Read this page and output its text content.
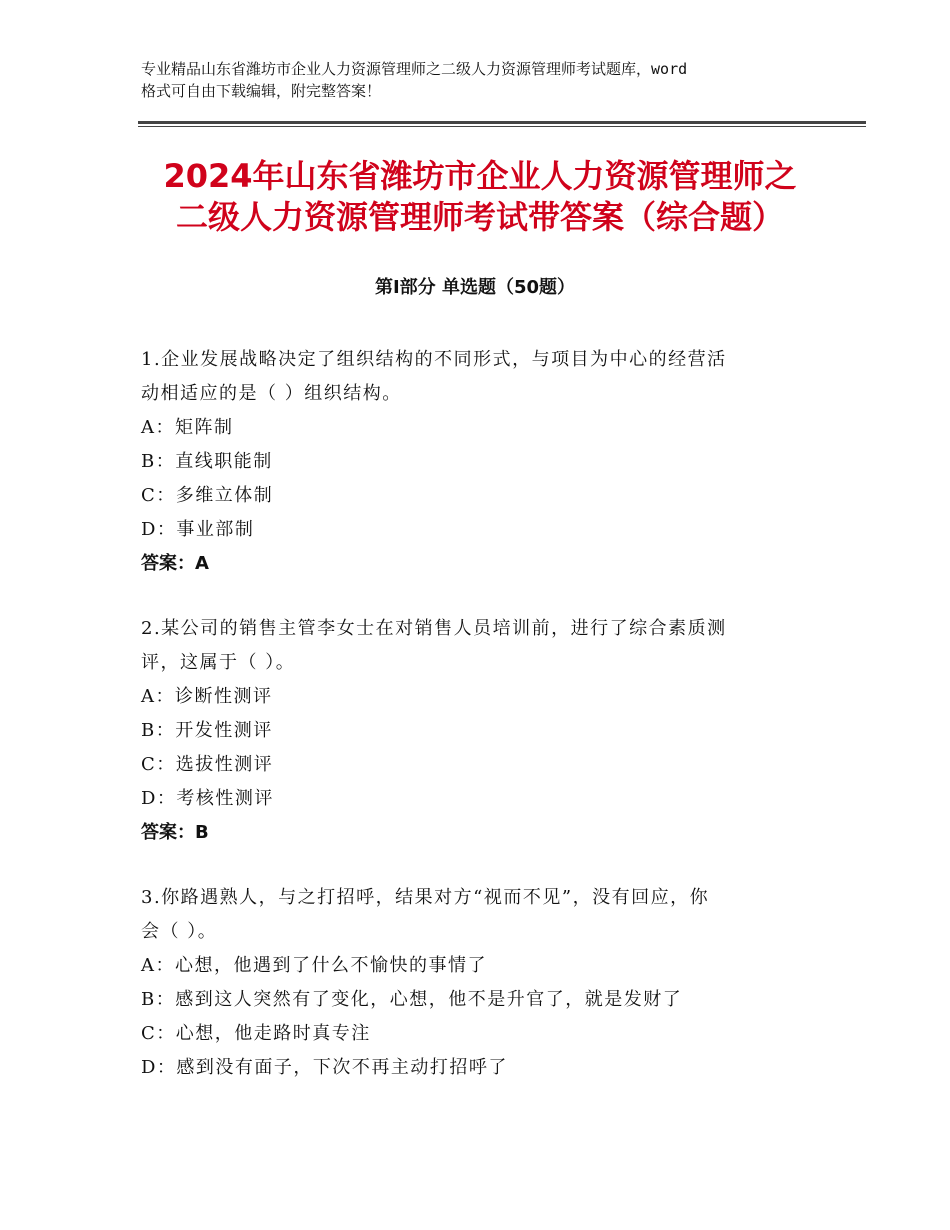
专业精品山东省潍坊市企业人力资源管理师之二级人力资源管理师考试题库，word
格式可自由下载编辑，附完整答案！
2024年山东省潍坊市企业人力资源管理师之
二级人力资源管理师考试带答案（综合题）
第Ⅰ部分 单选题（50题）
1.企业发展战略决定了组织结构的不同形式，与项目为中心的经营活
动相适应的是（ ）组织结构。
A：矩阵制
B：直线职能制
C：多维立体制
D：事业部制
答案：A
2.某公司的销售主管李女士在对销售人员培训前，进行了综合素质测
评，这属于（ ）。
A：诊断性测评
B：开发性测评
C：选拔性测评
D：考核性测评
答案：B
3.你路遇熟人，与之打招呼，结果对方“视而不见”，没有回应，你
会（ ）。
A：心想，他遇到了什么不愉快的事情了
B：感到这人突然有了变化，心想，他不是升官了，就是发财了
C：心想，他走路时真专注
D：感到没有面子，下次不再主动打招呼了
